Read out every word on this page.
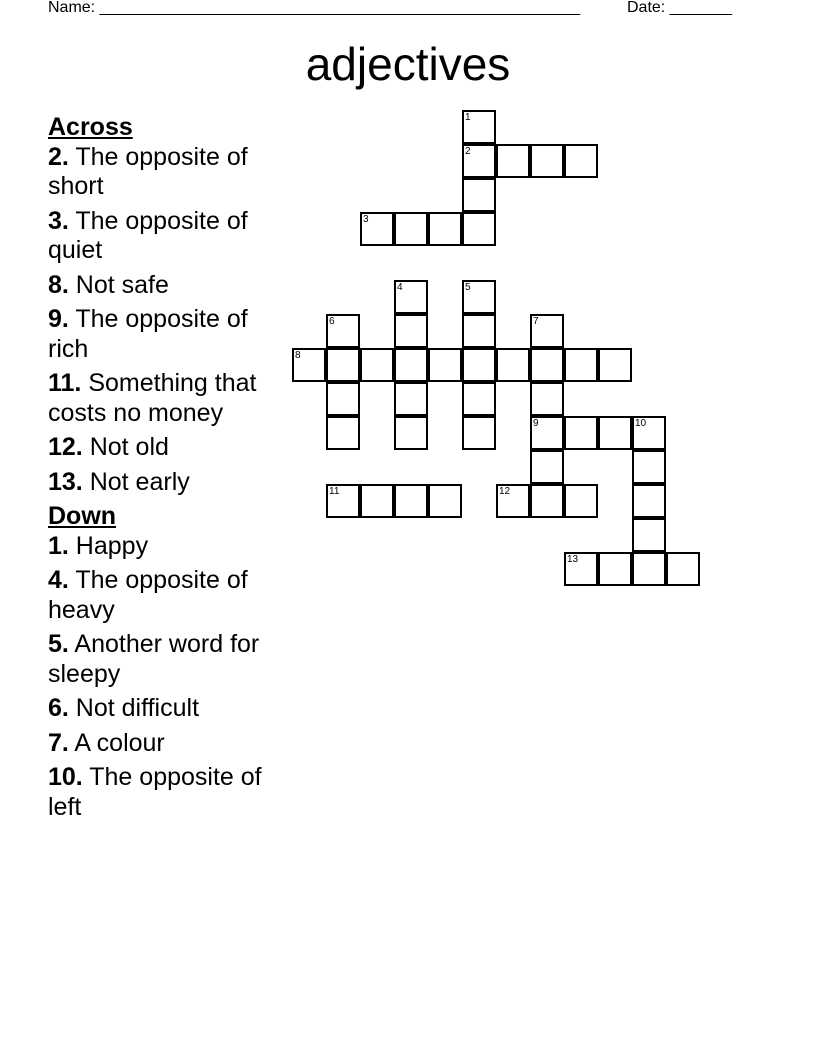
Name: ______________________________________________________	Date: _______
adjectives
Across
2. The opposite of short
3. The opposite of quiet
8. Not safe
9. The opposite of rich
11. Something that costs no money
12. Not old
13. Not early
Down
1. Happy
4. The opposite of heavy
5. Another word for sleepy
6. Not difficult
7. A colour
10. The opposite of left
1
2
3
4	5
6	7
9
8
10
11	12
13
